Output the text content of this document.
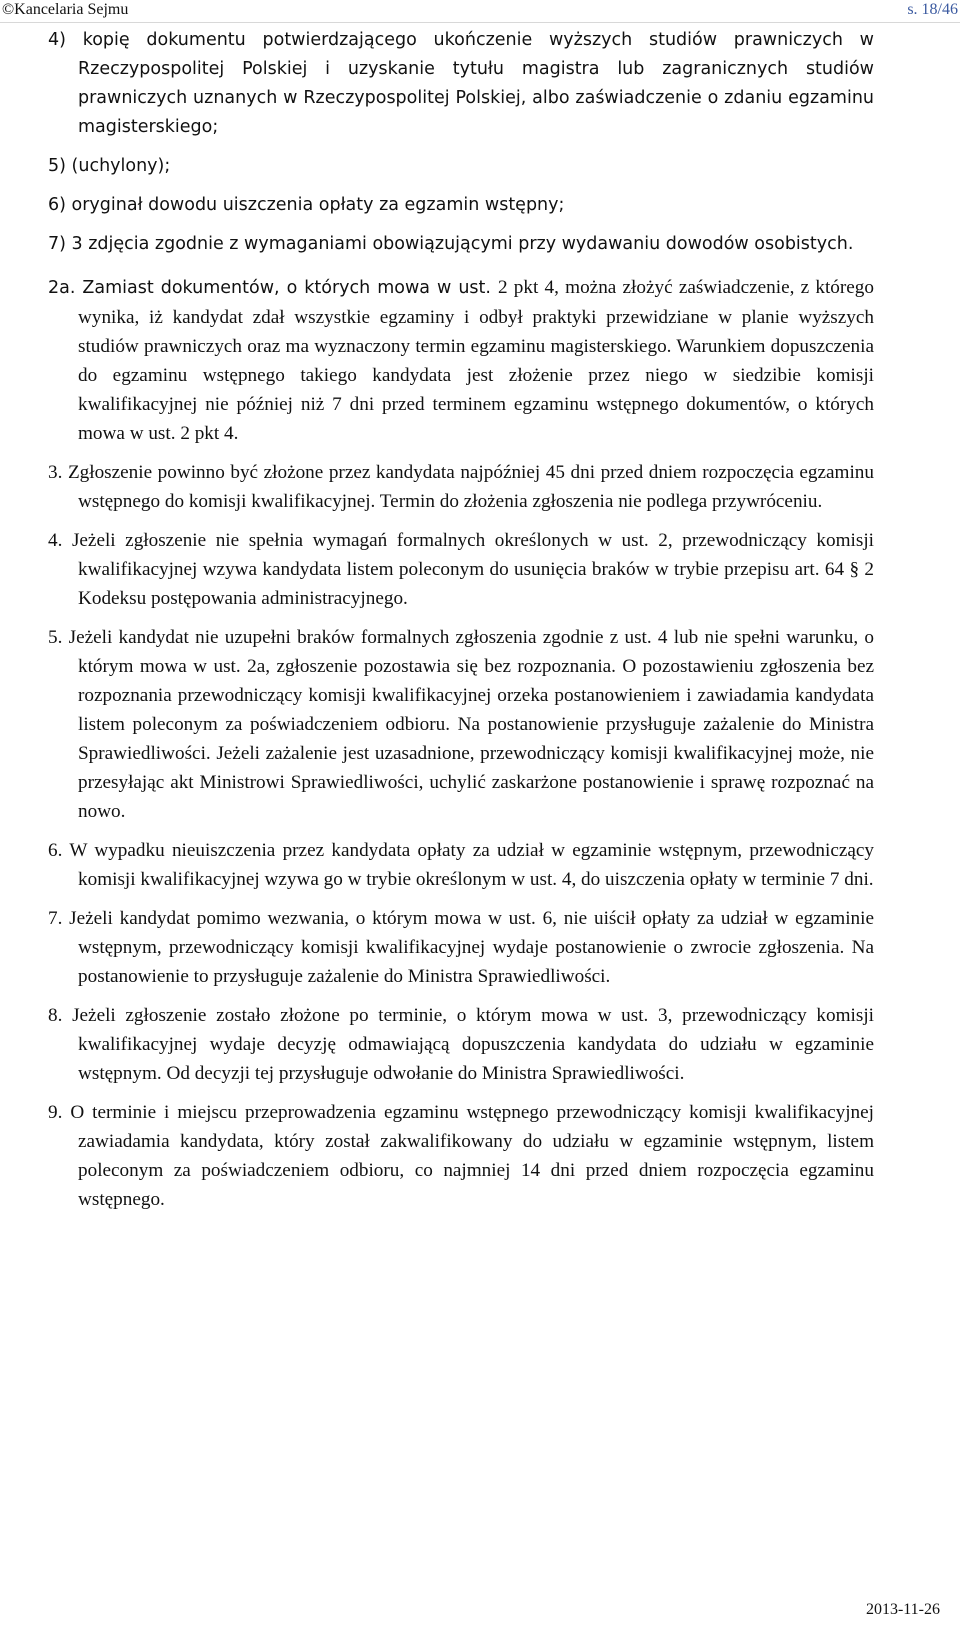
©Kancelaria Sejmu	s. 18/46

4) kopię dokumentu potwierdzającego ukończenie wyższych studiów prawniczych w Rzeczypospolitej Polskiej i uzyskanie tytułu magistra lub zagranicznych studiów prawniczych uznanych w Rzeczypospolitej Polskiej, albo zaświadczenie o zdaniu egzaminu magisterskiego;

5) (uchylony);

6) oryginał dowodu uiszczenia opłaty za egzamin wstępny;

7) 3 zdjęcia zgodnie z wymaganiami obowiązującymi przy wydawaniu dowodów osobistych.

2a. Zamiast dokumentów, o których mowa w ust. 2 pkt 4, można złożyć zaświadczenie, z którego wynika, iż kandydat zdał wszystkie egzaminy i odbył praktyki przewidziane w planie wyższych studiów prawniczych oraz ma wyznaczony termin egzaminu magisterskiego. Warunkiem dopuszczenia do egzaminu wstępnego takiego kandydata jest złożenie przez niego w siedzibie komisji kwalifikacyjnej nie później niż 7 dni przed terminem egzaminu wstępnego dokumentów, o których mowa w ust. 2 pkt 4.

3. Zgłoszenie powinno być złożone przez kandydata najpóźniej 45 dni przed dniem rozpoczęcia egzaminu wstępnego do komisji kwalifikacyjnej. Termin do złożenia zgłoszenia nie podlega przywróceniu.

4. Jeżeli zgłoszenie nie spełnia wymagań formalnych określonych w ust. 2, przewodniczący komisji kwalifikacyjnej wzywa kandydata listem poleconym do usunięcia braków w trybie przepisu art. 64 § 2 Kodeksu postępowania administracyjnego.

5. Jeżeli kandydat nie uzupełni braków formalnych zgłoszenia zgodnie z ust. 4 lub nie spełni warunku, o którym mowa w ust. 2a, zgłoszenie pozostawia się bez rozpoznania. O pozostawieniu zgłoszenia bez rozpoznania przewodniczący komisji kwalifikacyjnej orzeka postanowieniem i zawiadamia kandydata listem poleconym za poświadczeniem odbioru. Na postanowienie przysługuje zażalenie do Ministra Sprawiedliwości. Jeżeli zażalenie jest uzasadnione, przewodniczący komisji kwalifikacyjnej może, nie przesyłając akt Ministrowi Sprawiedliwości, uchylić zaskarżone postanowienie i sprawę rozpoznać na nowo.

6. W wypadku nieuiszczenia przez kandydata opłaty za udział w egzaminie wstępnym, przewodniczący komisji kwalifikacyjnej wzywa go w trybie określonym w ust. 4, do uiszczenia opłaty w terminie 7 dni.

7. Jeżeli kandydat pomimo wezwania, o którym mowa w ust. 6, nie uiścił opłaty za udział w egzaminie wstępnym, przewodniczący komisji kwalifikacyjnej wydaje postanowienie o zwrocie zgłoszenia. Na postanowienie to przysługuje zażalenie do Ministra Sprawiedliwości.

8. Jeżeli zgłoszenie zostało złożone po terminie, o którym mowa w ust. 3, przewodniczący komisji kwalifikacyjnej wydaje decyzję odmawiającą dopuszczenia kandydata do udziału w egzaminie wstępnym. Od decyzji tej przysługuje odwołanie do Ministra Sprawiedliwości.

9. O terminie i miejscu przeprowadzenia egzaminu wstępnego przewodniczący komisji kwalifikacyjnej zawiadamia kandydata, który został zakwalifikowany do udziału w egzaminie wstępnym, listem poleconym za poświadczeniem odbioru, co najmniej 14 dni przed dniem rozpoczęcia egzaminu wstępnego.

2013-11-26
